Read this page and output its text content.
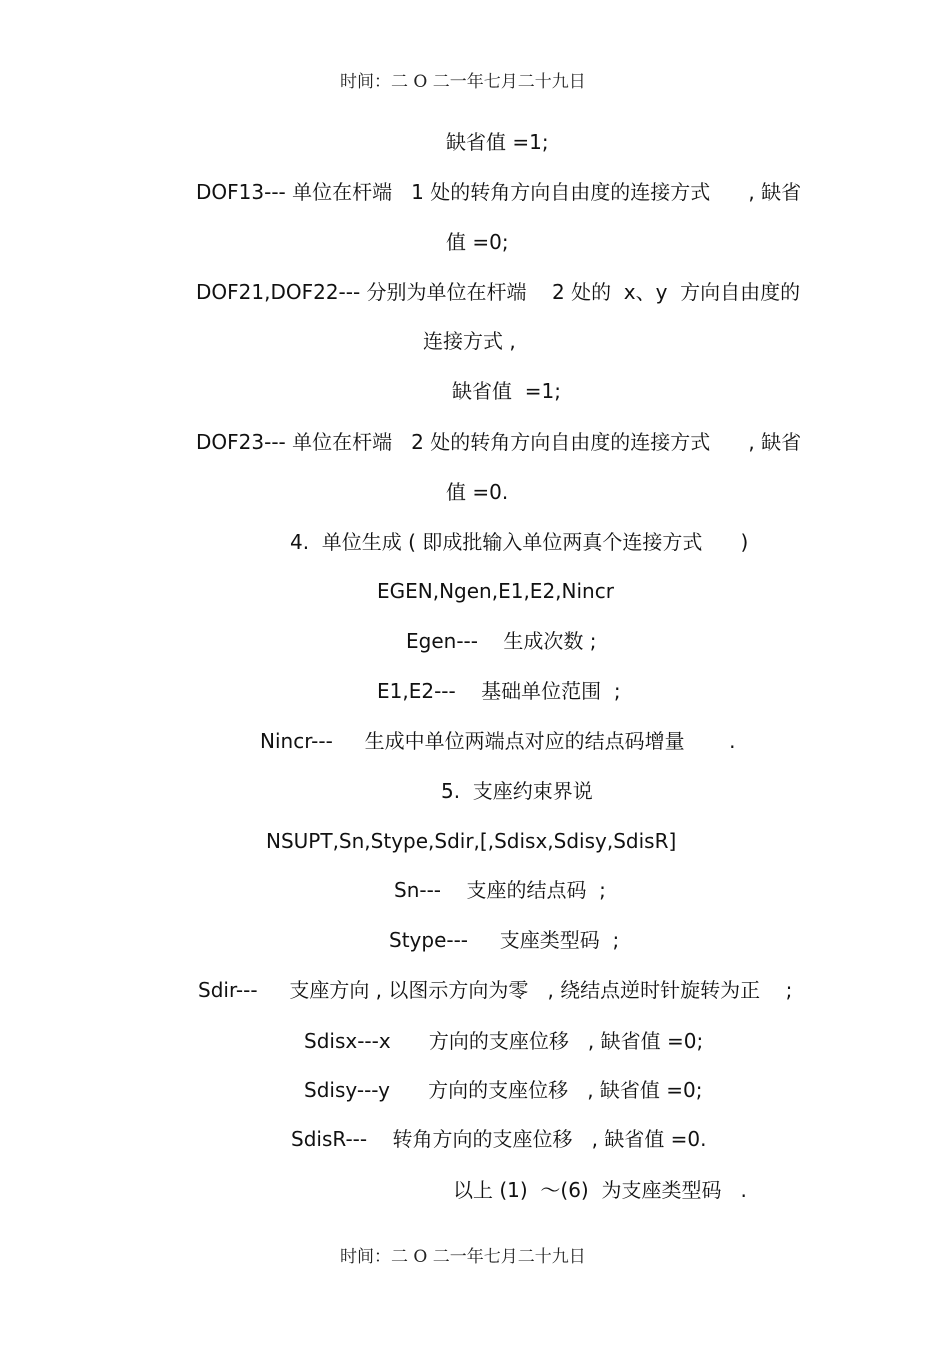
时间：二 O 二一年七月二十九日
缺省值 =1;
DOF13--- 单位在杆端   1 处的转角方向自由度的连接方式      , 缺省
值 =0;
DOF21,DOF22--- 分别为单位在杆端    2 处的  x、y  方向自由度的
连接方式 ,
缺省值  =1;
DOF23--- 单位在杆端   2 处的转角方向自由度的连接方式      , 缺省
值 =0.
4.  单位生成 ( 即成批输入单位两真个连接方式      )
EGEN,Ngen,E1,E2,Nincr
Egen---    生成次数 ;
E1,E2---    基础单位范围  ;
Nincr---     生成中单位两端点对应的结点码增量       .
5.  支座约束界说
NSUPT,Sn,Stype,Sdir,[,Sdisx,Sdisy,SdisR]
Sn---    支座的结点码  ;
Stype---     支座类型码  ;
Sdir---     支座方向 , 以图示方向为零   , 绕结点逆时针旋转为正    ;
Sdisx---x      方向的支座位移   , 缺省值 =0;
Sdisy---y      方向的支座位移   , 缺省值 =0;
SdisR---    转角方向的支座位移   , 缺省值 =0.
以上 (1)  ～(6)  为支座类型码   .
时间：二 O 二一年七月二十九日
